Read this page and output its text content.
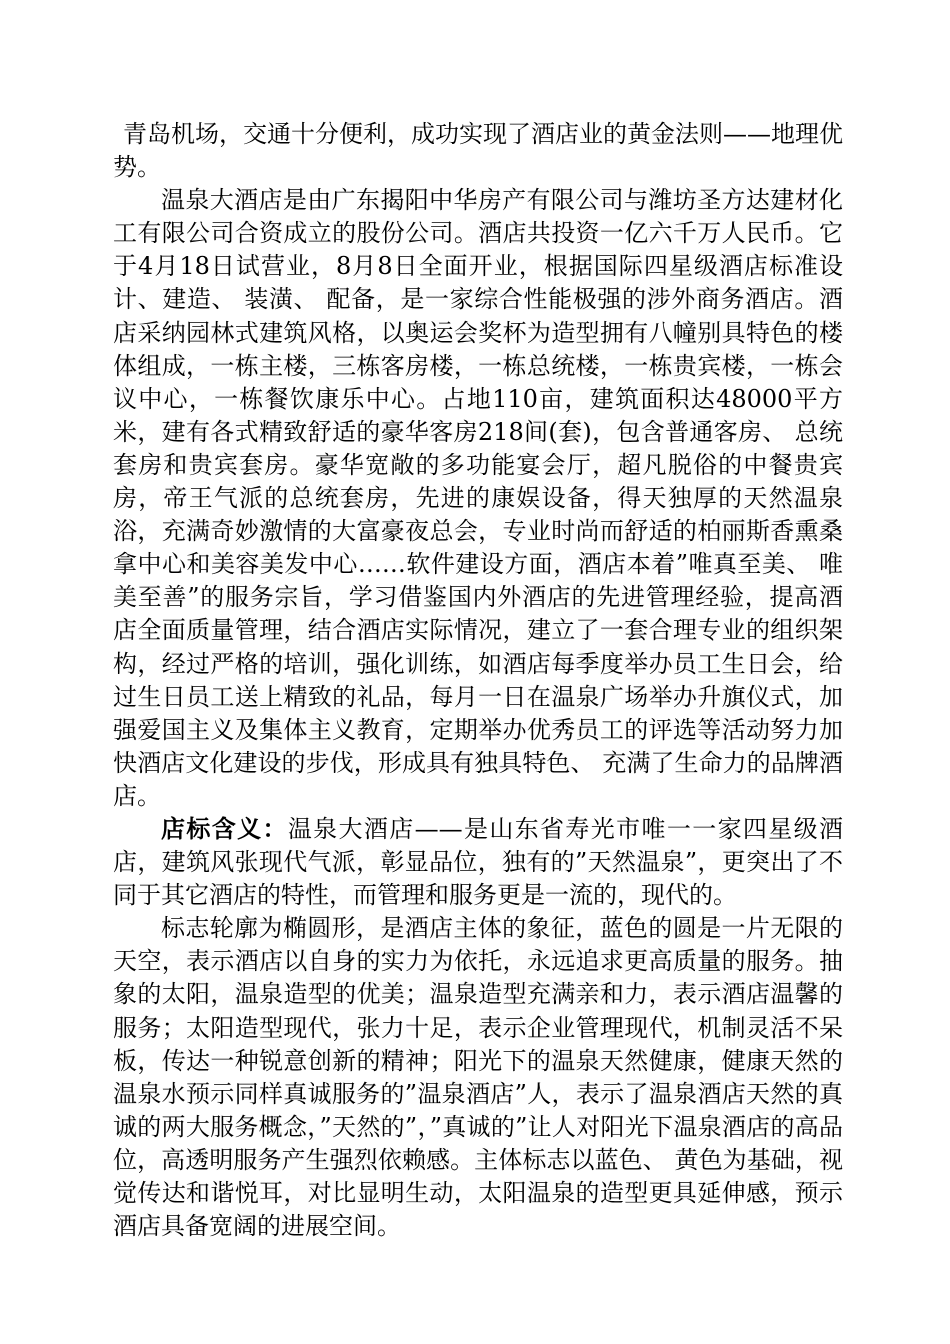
青岛机场，交通十分便利，成功实现了酒店业的黄金法则——地理优势。

温泉大酒店是由广东揭阳中华房产有限公司与潍坊圣方达建材化工有限公司合资成立的股份公司。酒店共投资一亿六千万人民币。它于4月18日试营业，8月8日全面开业，根据国际四星级酒店标准设计、建造、 装潢、 配备，是一家综合性能极强的涉外商务酒店。酒店采纳园林式建筑风格，以奥运会奖杯为造型拥有八幢别具特色的楼体组成，一栋主楼，三栋客房楼，一栋总统楼，一栋贵宾楼，一栋会议中心，一栋餐饮康乐中心。占地110亩，建筑面积达48000平方米，建有各式精致舒适的豪华客房218间(套)，包含普通客房、 总统套房和贵宾套房。豪华宽敞的多功能宴会厅，超凡脱俗的中餐贵宾房，帝王气派的总统套房，先进的康娱设备，得天独厚的天然温泉浴，充满奇妙激情的大富豪夜总会，专业时尚而舒适的柏丽斯香熏桑拿中心和美容美发中心……软件建设方面，酒店本着”唯真至美、 唯美至善”的服务宗旨，学习借鉴国内外酒店的先进管理经验，提高酒店全面质量管理，结合酒店实际情况，建立了一套合理专业的组织架构，经过严格的培训，强化训练，如酒店每季度举办员工生日会，给过生日员工送上精致的礼品，每月一日在温泉广场举办升旗仪式，加强爱国主义及集体主义教育，定期举办优秀员工的评选等活动努力加快酒店文化建设的步伐，形成具有独具特色、 充满了生命力的品牌酒店。

店标含义：温泉大酒店——是山东省寿光市唯一一家四星级酒店，建筑风张现代气派，彰显品位，独有的”天然温泉”，更突出了不同于其它酒店的特性，而管理和服务更是一流的，现代的。

标志轮廓为椭圆形，是酒店主体的象征，蓝色的圆是一片无限的天空，表示酒店以自身的实力为依托，永远追求更高质量的服务。抽象的太阳，温泉造型的优美；温泉造型充满亲和力，表示酒店温馨的服务；太阳造型现代，张力十足，表示企业管理现代，机制灵活不呆板，传达一种锐意创新的精神；阳光下的温泉天然健康，健康天然的温泉水预示同样真诚服务的”温泉酒店”人，表示了温泉酒店天然的真诚的两大服务概念，”天然的”，”真诚的”让人对阳光下温泉酒店的高品位，高透明服务产生强烈依赖感。主体标志以蓝色、 黄色为基础，视觉传达和谐悦耳，对比显明生动，太阳温泉的造型更具延伸感，预示酒店具备宽阔的进展空间。
